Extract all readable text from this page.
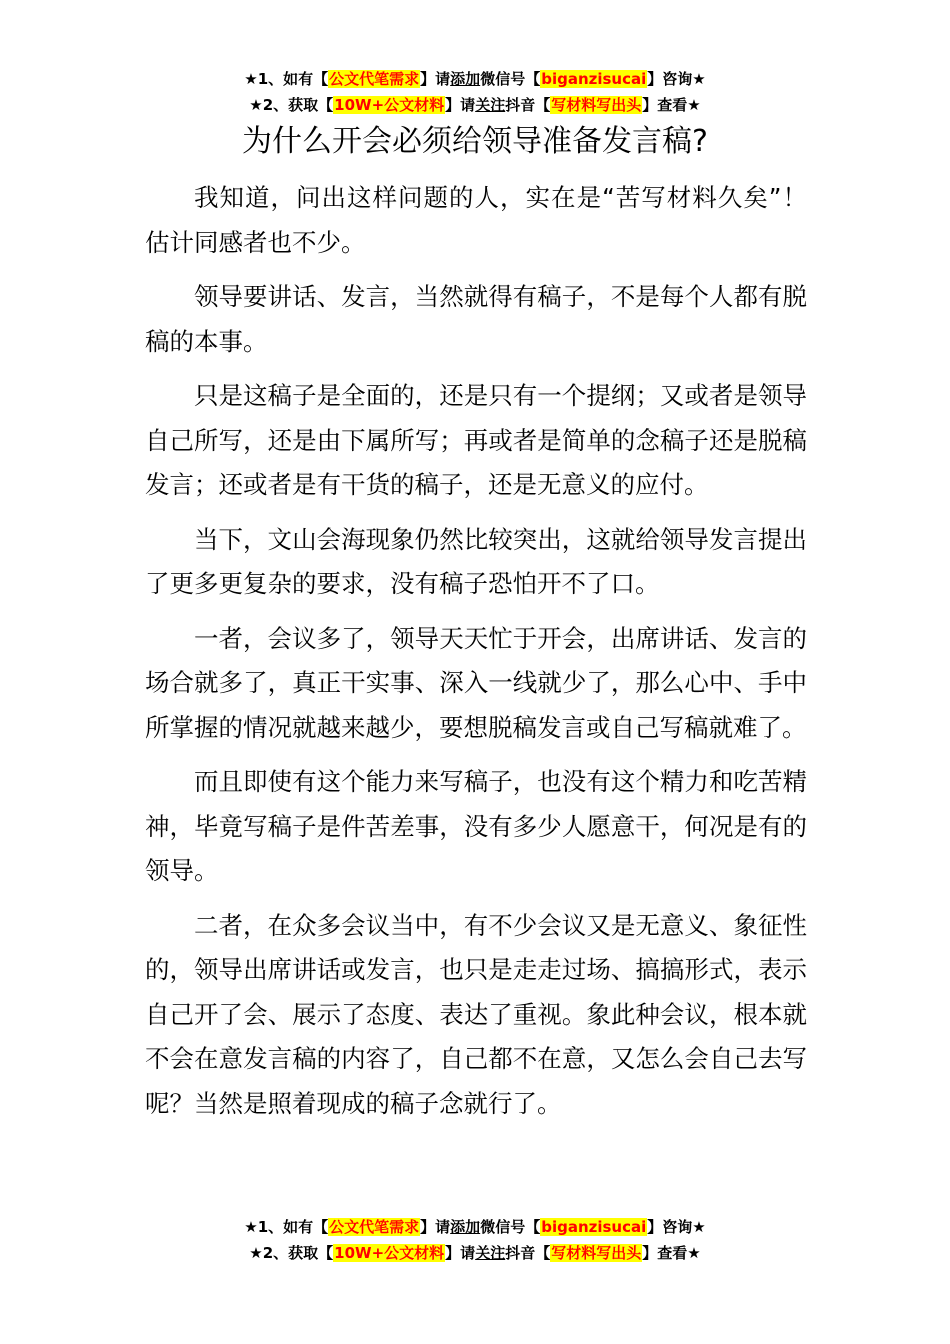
★1、如有【公文代笔需求】请添加微信号【biganzisucai】咨询★
★2、获取【10W+公文材料】请关注抖音【写材料写出头】查看★
为什么开会必须给领导准备发言稿?

我知道，问出这样问题的人，实在是“苦写材料久矣”！估计同感者也不少。

领导要讲话、发言，当然就得有稿子，不是每个人都有脱稿的本事。

只是这稿子是全面的，还是只有一个提纲；又或者是领导自己所写，还是由下属所写；再或者是简单的念稿子还是脱稿发言；还或者是有干货的稿子，还是无意义的应付。

当下，文山会海现象仍然比较突出，这就给领导发言提出了更多更复杂的要求，没有稿子恐怕开不了口。

一者，会议多了，领导天天忙于开会，出席讲话、发言的场合就多了，真正干实事、深入一线就少了，那么心中、手中所掌握的情况就越来越少，要想脱稿发言或自己写稿就难了。

而且即使有这个能力来写稿子，也没有这个精力和吃苦精神，毕竟写稿子是件苦差事，没有多少人愿意干，何况是有的领导。

二者，在众多会议当中，有不少会议又是无意义、象征性的，领导出席讲话或发言，也只是走走过场、搞搞形式，表示自己开了会、展示了态度、表达了重视。象此种会议，根本就不会在意发言稿的内容了，自己都不在意，又怎么会自己去写呢？当然是照着现成的稿子念就行了。

★1、如有【公文代笔需求】请添加微信号【biganzisucai】咨询★
★2、获取【10W+公文材料】请关注抖音【写材料写出头】查看★
